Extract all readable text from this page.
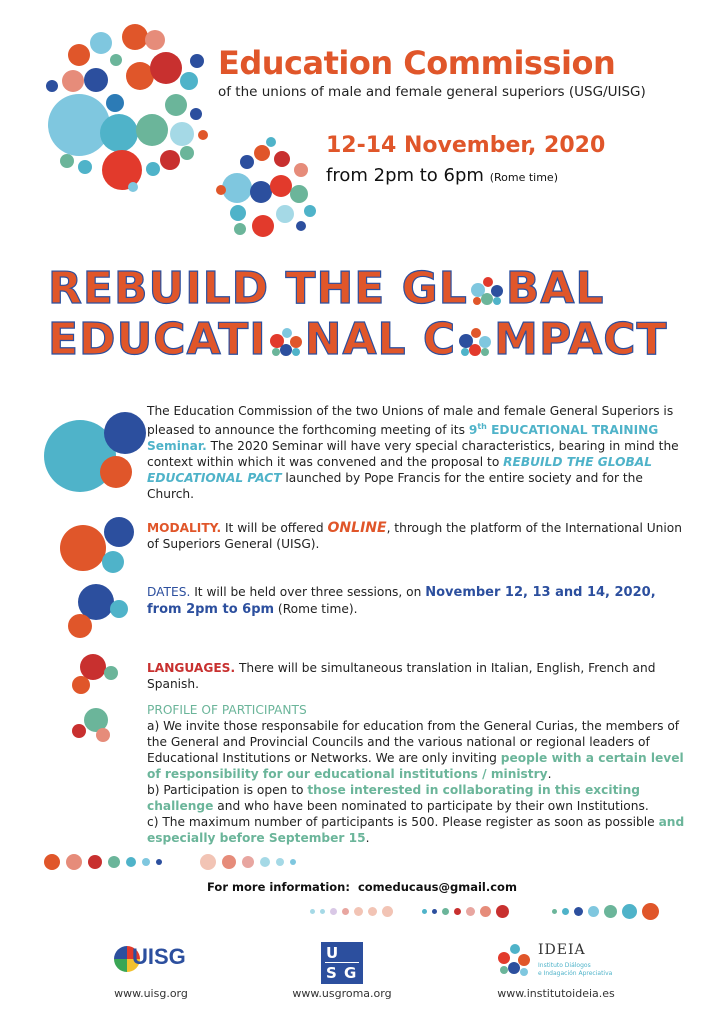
Education Commission
of the unions of male and female general superiors (USG/UISG)
12-14 November, 2020
from 2pm to 6pm (Rome time)
REBUILD THE GL BAL
EDUCATI NAL C MPACT

The Education Commission of the two Unions of male and female General Superiors is pleased to announce the forthcoming meeting of its 9th EDUCATIONAL TRAINING Seminar. The 2020 Seminar will have very special characteristics, bearing in mind the context within which it was convened and the proposal to REBUILD THE GLOBAL EDUCATIONAL PACT launched by Pope Francis for the entire society and for the Church.

MODALITY. It will be offered ONLINE, through the platform of the International Union of Superiors General (UISG).

DATES. It will be held over three sessions, on November 12, 13 and 14, 2020, from 2pm to 6pm (Rome time).

LANGUAGES. There will be simultaneous translation in Italian, English, French and Spanish.

PROFILE OF PARTICIPANTS

a) We invite those responsabile for education from the General Curias, the members of the General and Provincial Councils and the various national or regional leaders of Educational Institutions or Networks. We are only inviting people with a certain level of responsibility for our educational institutions / ministry.

b) Participation is open to those interested in collaborating in this exciting challenge and who have been nominated to participate by their own Institutions.

c) The maximum number of participants is 500. Please register as soon as possible and especially before September 15.

For more information: comeducaus@gmail.com
UISG
www.uisg.org
U
S G
www.usgroma.org
IDEIA
Instituto Diálogos
e Indagación Apreciativa
www.institutoideia.es
